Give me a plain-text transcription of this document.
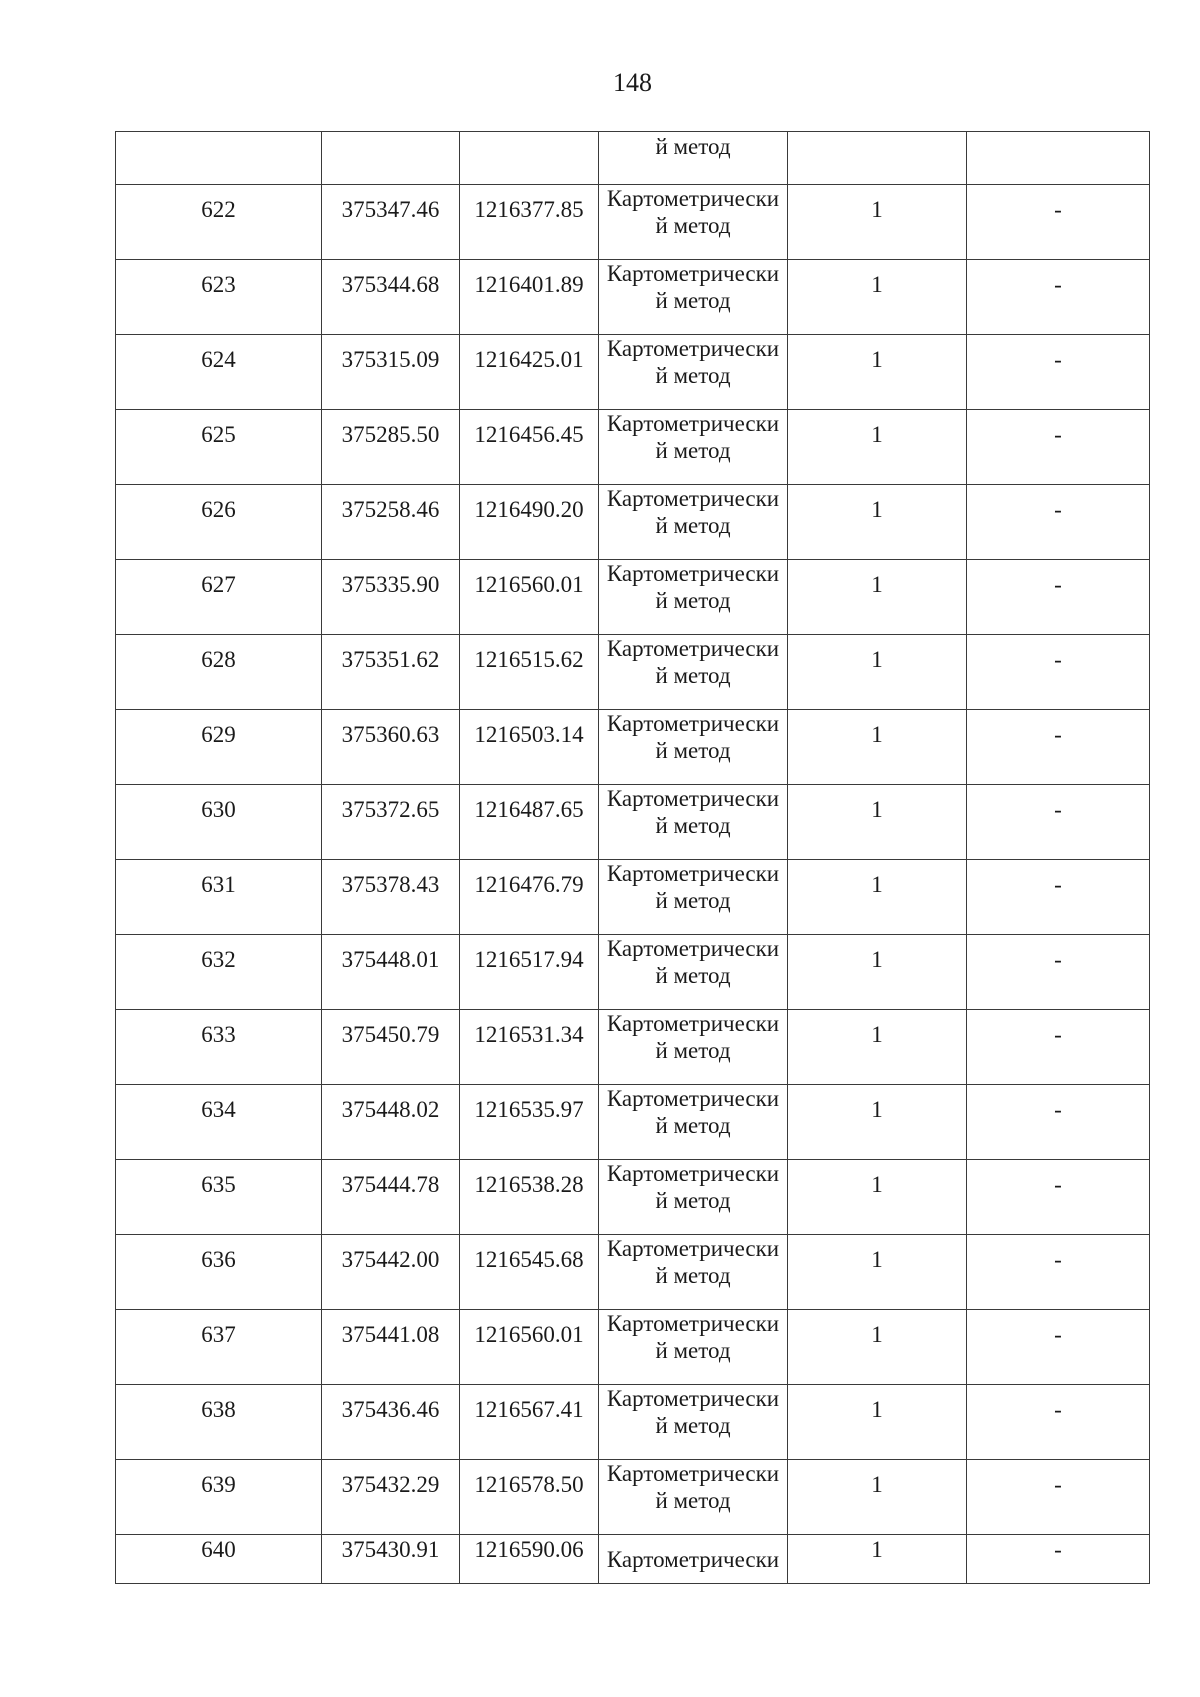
148
			й метод		

622	375347.46	1216377.85	Картометрически й метод	1	-

623	375344.68	1216401.89	Картометрически й метод	1	-

624	375315.09	1216425.01	Картометрически й метод	1	-

625	375285.50	1216456.45	Картометрически й метод	1	-

626	375258.46	1216490.20	Картометрически й метод	1	-

627	375335.90	1216560.01	Картометрически й метод	1	-

628	375351.62	1216515.62	Картометрически й метод	1	-

629	375360.63	1216503.14	Картометрически й метод	1	-

630	375372.65	1216487.65	Картометрически й метод	1	-

631	375378.43	1216476.79	Картометрически й метод	1	-

632	375448.01	1216517.94	Картометрически й метод	1	-

633	375450.79	1216531.34	Картометрически й метод	1	-

634	375448.02	1216535.97	Картометрически й метод	1	-

635	375444.78	1216538.28	Картометрически й метод	1	-

636	375442.00	1216545.68	Картометрически й метод	1	-

637	375441.08	1216560.01	Картометрически й метод	1	-

638	375436.46	1216567.41	Картометрически й метод	1	-

639	375432.29	1216578.50	Картометрически й метод	1	-

640	375430.91	1216590.06	Картометрически	1	-
